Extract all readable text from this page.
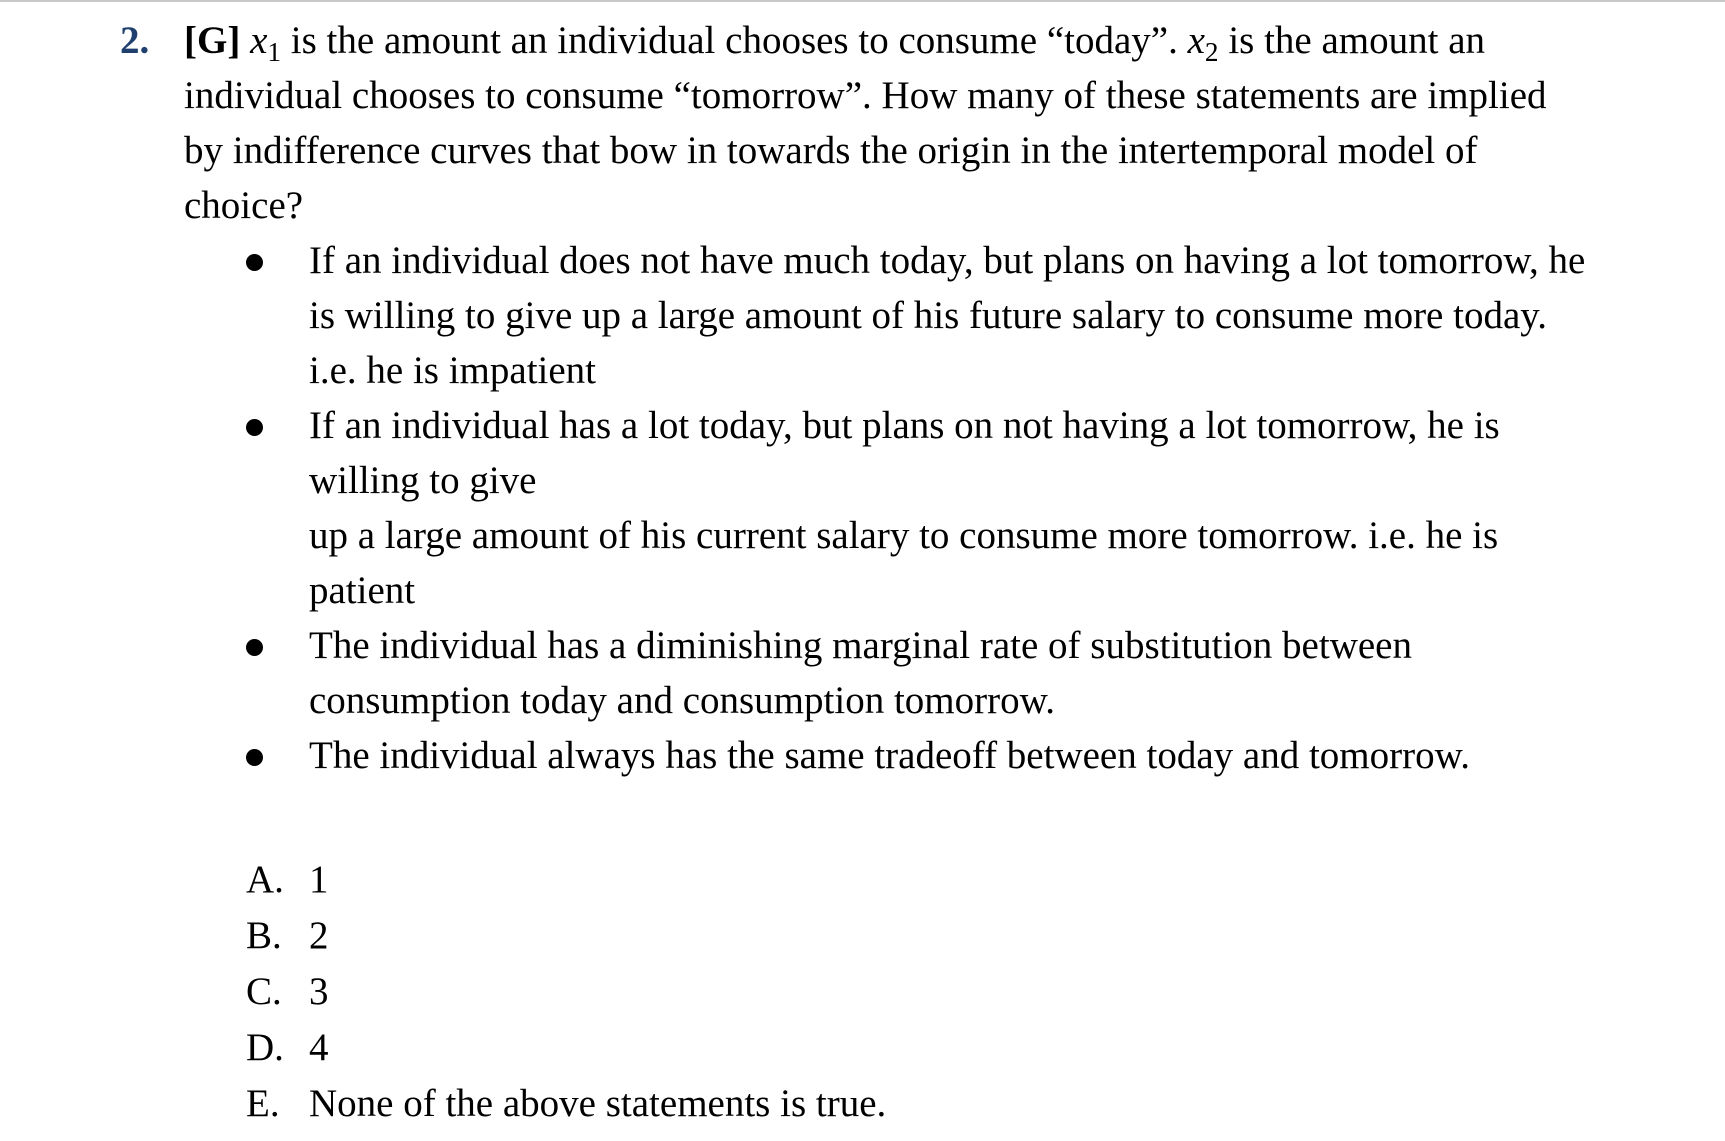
2. [G] $x_1$ is the amount an individual chooses to consume “today”. $x_2$ is the amount an
individual chooses to consume “tomorrow”. How many of these statements are implied
by indifference curves that bow in towards the origin in the intertemporal model of
choice?
If an individual does not have much today, but plans on having a lot tomorrow, he
is willing to give up a large amount of his future salary to consume more today.
i.e. he is impatient
If an individual has a lot today, but plans on not having a lot tomorrow, he is
willing to give
up a large amount of his current salary to consume more tomorrow. i.e. he is
patient
The individual has a diminishing marginal rate of substitution between
consumption today and consumption tomorrow.
The individual always has the same tradeoff between today and tomorrow.
A. 1
B. 2
C. 3
D. 4
E. None of the above statements is true.
